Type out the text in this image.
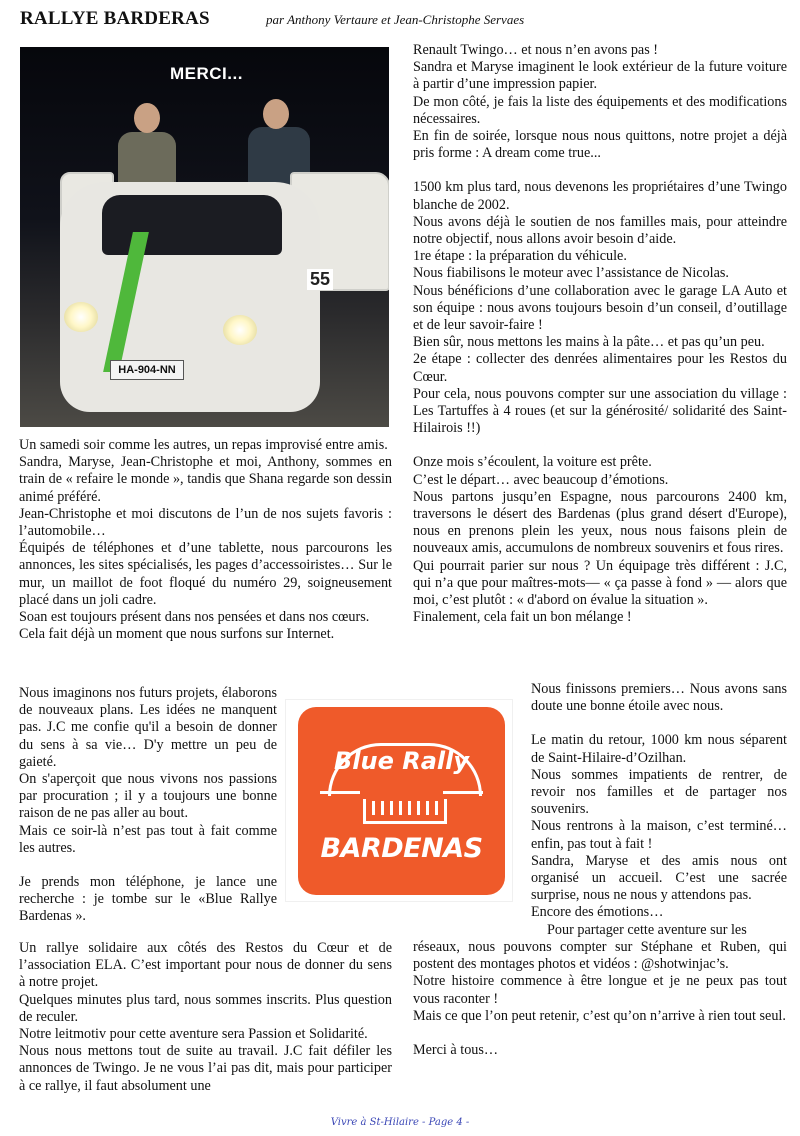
RALLYE BARDERAS	par Anthony Vertaure et Jean-Christophe Servaes
MERCI...
HA-904-NN
55

Un samedi soir comme les autres, un repas improvisé entre amis.

Sandra, Maryse, Jean-Christophe et moi, Anthony, sommes en train de « refaire le monde », tandis que Shana regarde son dessin animé préféré.

Jean-Christophe et moi discutons de l’un de nos sujets favoris : l’automobile…

Équipés de téléphones et d’une tablette, nous parcourons les annonces, les sites spécialisés, les pages d’accessoiristes… Sur le mur, un maillot de foot floqué du numéro 29, soigneusement placé dans un joli cadre.

Soan est toujours présent dans nos pensées et dans nos cœurs.

Cela fait déjà un moment que nous surfons sur Internet.

Nous imaginons nos futurs projets, élaborons de nouveaux plans. Les idées ne manquent pas. J.C me confie qu'il a besoin de donner du sens à sa vie… D'y mettre un peu de gaieté.

On s'aperçoit que nous vivons nos passions par procuration ; il y a toujours une bonne raison de ne pas aller au bout.

Mais ce soir-là n’est pas tout à fait comme les autres.

Je prends mon téléphone, je lance une recherche : je tombe sur le «Blue Rallye Bardenas ».

Un rallye solidaire aux côtés des Restos du Cœur et de l’association ELA. C’est important pour nous de donner du sens à notre projet.

Quelques minutes plus tard, nous sommes inscrits. Plus question de reculer.

Notre leitmotiv pour cette aventure sera Passion et Solidarité.

Nous nous mettons tout de suite au travail. J.C fait défiler les annonces de Twingo. Je ne vous l’ai pas dit, mais pour participer à ce rallye, il faut absolument une

Renault Twingo… et nous n’en avons pas !

Sandra et Maryse imaginent le look extérieur de la future voiture à partir d’une impression papier.

De mon côté, je fais la liste des équipements et des modifications nécessaires.

En fin de soirée, lorsque nous nous quittons, notre projet a déjà pris forme : A dream come true...

1500 km plus tard, nous devenons les propriétaires d’une Twingo blanche de 2002.

Nous avons déjà le soutien de nos familles mais, pour atteindre notre objectif, nous allons avoir besoin d’aide.

1re étape : la préparation du véhicule.

Nous fiabilisons le moteur avec l’assistance de Nicolas.

Nous bénéficions d’une collaboration avec le garage LA Auto et son équipe : nous avons toujours besoin d’un conseil, d’outillage et de leur savoir-faire !

Bien sûr, nous mettons les mains à la pâte… et pas qu’un peu.

2e étape : collecter des denrées alimentaires pour les Restos du Cœur.

Pour cela, nous pouvons compter sur une association du village : Les Tartuffes à 4 roues (et sur la générosité/ solidarité des Saint-Hilairois !!)

Onze mois s’écoulent, la voiture est prête.

C’est le départ… avec beaucoup d’émotions.

Nous partons jusqu’en Espagne, nous parcourons 2400 km, traversons le désert des Bardenas (plus grand désert d'Europe), nous en prenons plein les yeux, nous nous faisons plein de nouveaux amis, accumulons de nombreux souvenirs et fous rires.

Qui pourrait parier sur nous ? Un équipage très différent : J.C, qui n’a que pour maîtres-mots— « ça passe à fond » — alors que moi, c’est plutôt : « d'abord on évalue la situation ».

Finalement, cela fait un bon mélange !

Nous finissons premiers… Nous avons sans doute une bonne étoile avec nous.

Le matin du retour, 1000 km nous séparent de Saint-Hilaire-d’Ozilhan.

Nous sommes impatients de rentrer, de revoir nos familles et de partager nos souvenirs.

Nous rentrons à la maison, c’est terminé… enfin, pas tout à fait !

Sandra, Maryse et des amis nous ont organisé un accueil. C’est une sacrée surprise, nous ne nous y attendons pas.

Encore des émotions…

Pour partager cette aventure sur les

réseaux, nous pouvons compter sur Stéphane et Ruben, qui postent des montages photos et vidéos : @shotwinjac’s.

Notre histoire commence à être longue et je ne peux pas tout vous raconter !

Mais ce que l’on peut retenir, c’est qu’on n’arrive à rien tout seul.

Merci à tous…

Blue Rally
BARDENAS
Vivre à St-Hilaire - Page 4 -
